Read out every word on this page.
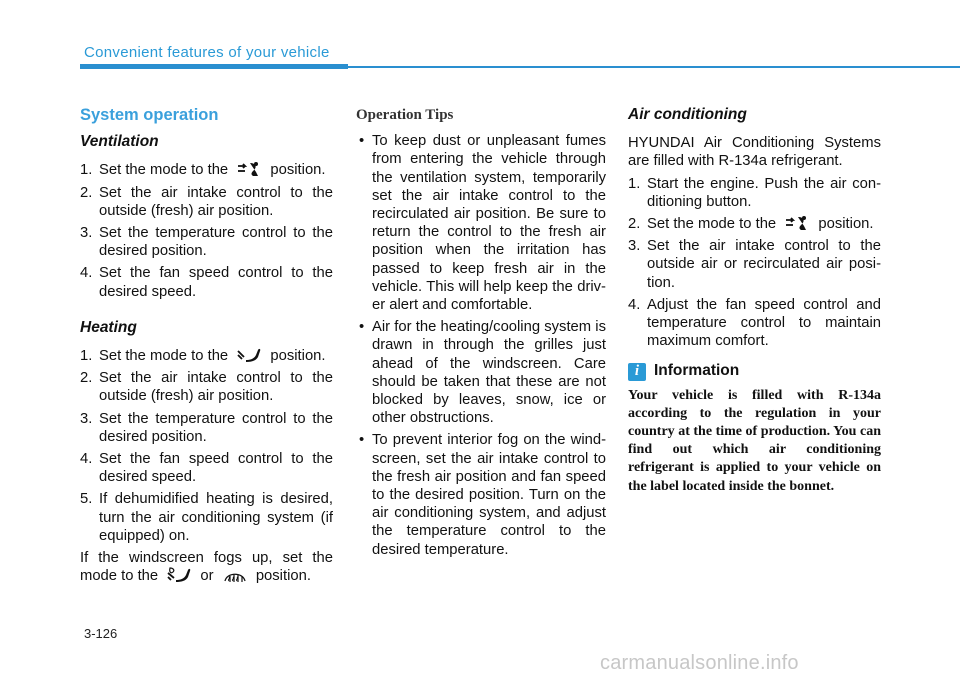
Convenient features of your vehicle
System operation
Ventilation
1. Set the mode to the	position.
2. Set the air intake control to the outside (fresh) air position.
3. Set the temperature control to the desired position.
4. Set the fan speed control to the desired speed.
Heating
1. Set the mode to the	position.
2. Set the air intake control to the outside (fresh) air position.
3. Set the temperature control to the desired position.
4. Set the fan speed control to the desired speed.
5. If dehumidified heating is desired, turn the air conditioning system (if equipped) on.

If the windscreen fogs up, set the mode to the	or	position.

Operation Tips
• To keep dust or unpleasant fumes from entering the vehicle through the ventilation system, temporarily set the air intake control to the recirculated air position. Be sure to return the control to the fresh air position when the irritation has passed to keep fresh air in the vehicle. This will help keep the driv-er alert and comfortable.
• Air for the heating/cooling system is drawn in through the grilles just ahead of the windscreen. Care should be taken that these are not blocked by leaves, snow, ice or other obstructions.
• To prevent interior fog on the wind-screen, set the air intake control to the fresh air position and fan speed to the desired position. Turn on the air conditioning system, and adjust the temperature control to the desired temperature.
Air conditioning

HYUNDAI Air Conditioning Systems are filled with R-134a refrigerant.

1. Start the engine. Push the air con-ditioning button.
2. Set the mode to the	position.
3. Set the air intake control to the outside air or recirculated air posi-tion.
4. Adjust the fan speed control and temperature control to maintain maximum comfort.
i Information

Your vehicle is filled with R-134a according to the regulation in your country at the time of production. You can find out which air conditioning refrigerant is applied to your vehicle on the label located inside the bonnet.

3-126
carmanualsonline.info
